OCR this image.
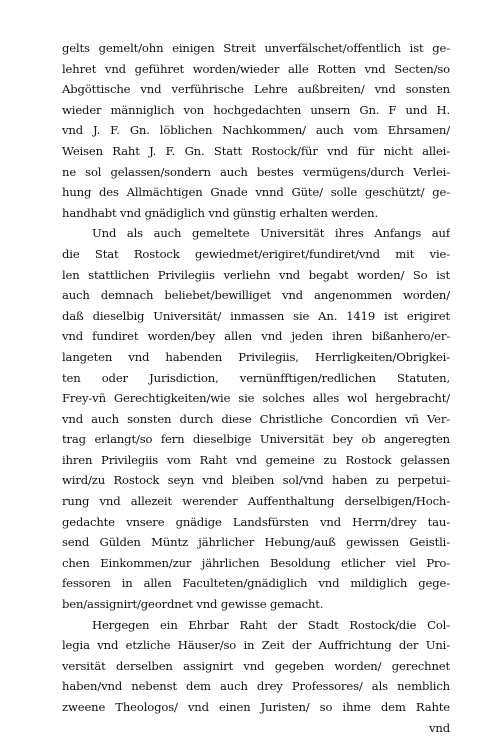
gelts gemelt/ohn einigen Streit unverfälschet/offentlich ist ge-
lehret vnd geführet worden/wieder alle Rotten vnd Secten/so
Abgöttische vnd verführische Lehre außbreiten/ vnd sonsten
wieder männiglich von hochgedachten unsern Gn. F und H.
vnd J. F. Gn. löblichen Nachkommen/ auch vom Ehrsamen/
Weisen Raht J. F. Gn. Statt Rostock/für vnd für nicht allei-
ne sol gelassen/sondern auch bestes vermügens/durch Verlei-
hung des Allmächtigen Gnade vnnd Güte/ solle geschützt/ ge-
handhabt vnd gnädiglich vnd günstig erhalten werden.
Und als auch gemeltete Universität ihres Anfangs auf
die Stat Rostock gewiedmet/erigiret/fundiret/vnd mit vie-
len stattlichen Privilegiis verliehn vnd begabt worden/ So ist
auch demnach beliebet/bewilliget vnd angenommen worden/
daß dieselbig Universität/ inmassen sie An. 1419 ist erigiret
vnd fundiret worden/bey allen vnd jeden ihren bißanhero/er-
langeten vnd habenden Privilegiis, Herrligkeiten/Obrigkei-
ten oder Jurisdiction, vernünfftigen/redlichen Statuten,
Frey-vñ Gerechtigkeiten/wie sie solches alles wol hergebracht/
vnd auch sonsten durch diese Christliche Concordien vñ Ver-
trag erlangt/so fern dieselbige Universität bey ob angeregten
ihren Privilegiis vom Raht vnd gemeine zu Rostock gelassen
wird/zu Rostock seyn vnd bleiben sol/vnd haben zu perpetui-
rung vnd allezeit werender Auffenthaltung derselbigen/Hoch-
gedachte vnsere gnädige Landsfürsten vnd Herrn/drey tau-
send Gülden Müntz jährlicher Hebung/auß gewissen Geistli-
chen Einkommen/zur jährlichen Besoldung etlicher viel Pro-
fessoren in allen Faculteten/gnädiglich vnd mildiglich gege-
ben/assignirt/geordnet vnd gewisse gemacht.
Hergegen ein Ehrbar Raht der Stadt Rostock/die Col-
legia vnd etzliche Häuser/so in Zeit der Auffrichtung der Uni-
versität derselben assignirt vnd gegeben worden/ gerechnet
haben/vnd nebenst dem auch drey Professores/ als nemblich
zweene Theologos/ vnd einen Juristen/ so ihme dem Rahte
vnd
